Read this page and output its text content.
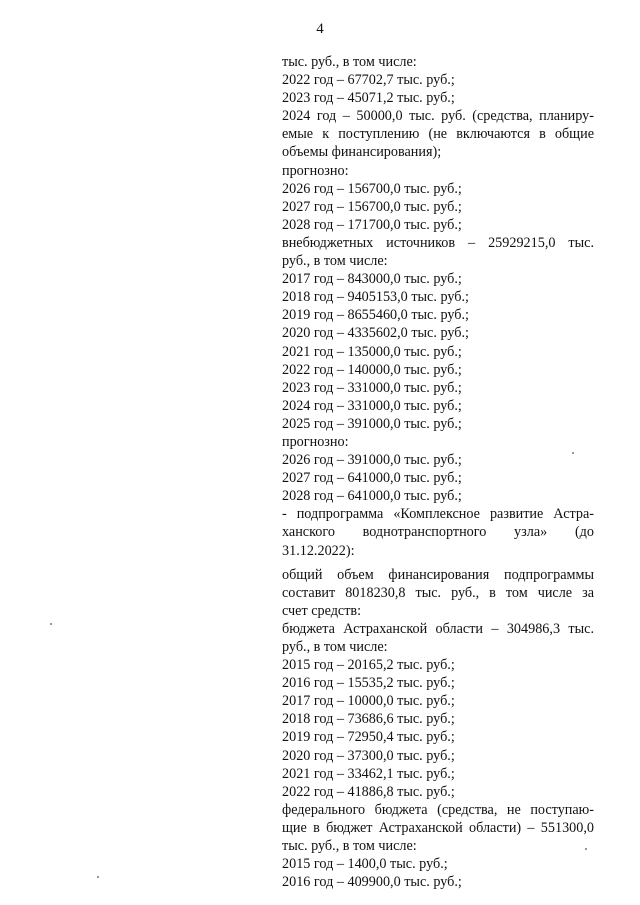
4
тыс. руб., в том числе:
2022 год – 67702,7 тыс. руб.;
2023 год – 45071,2 тыс. руб.;
2024 год – 50000,0 тыс. руб. (средства, планиру-
емые к поступлению (не включаются в общие
объемы финансирования);
прогнозно:
2026 год – 156700,0 тыс. руб.;
2027 год – 156700,0 тыс. руб.;
2028 год – 171700,0 тыс. руб.;
внебюджетных источников – 25929215,0 тыс.
руб., в том числе:
2017 год – 843000,0 тыс. руб.;
2018 год – 9405153,0 тыс. руб.;
2019 год – 8655460,0 тыс. руб.;
2020 год – 4335602,0 тыс. руб.;
2021 год – 135000,0 тыс. руб.;
2022 год – 140000,0 тыс. руб.;
2023 год – 331000,0 тыс. руб.;
2024 год – 331000,0 тыс. руб.;
2025 год – 391000,0 тыс. руб.;
прогнозно:
2026 год – 391000,0 тыс. руб.;
2027 год – 641000,0 тыс. руб.;
2028 год – 641000,0 тыс. руб.;
- подпрограмма «Комплексное развитие Астра-
ханского воднотранспортного узла» (до
31.12.2022):
общий объем финансирования подпрограммы
составит 8018230,8 тыс. руб., в том числе за
счет средств:
бюджета Астраханской области – 304986,3 тыс.
руб., в том числе:
2015 год – 20165,2 тыс. руб.;
2016 год – 15535,2 тыс. руб.;
2017 год – 10000,0 тыс. руб.;
2018 год – 73686,6 тыс. руб.;
2019 год – 72950,4 тыс. руб.;
2020 год – 37300,0 тыс. руб.;
2021 год – 33462,1 тыс. руб.;
2022 год – 41886,8 тыс. руб.;
федерального бюджета (средства, не поступаю-
щие в бюджет Астраханской области) – 551300,0
тыс. руб., в том числе:
2015 год – 1400,0 тыс. руб.;
2016 год – 409900,0 тыс. руб.;
